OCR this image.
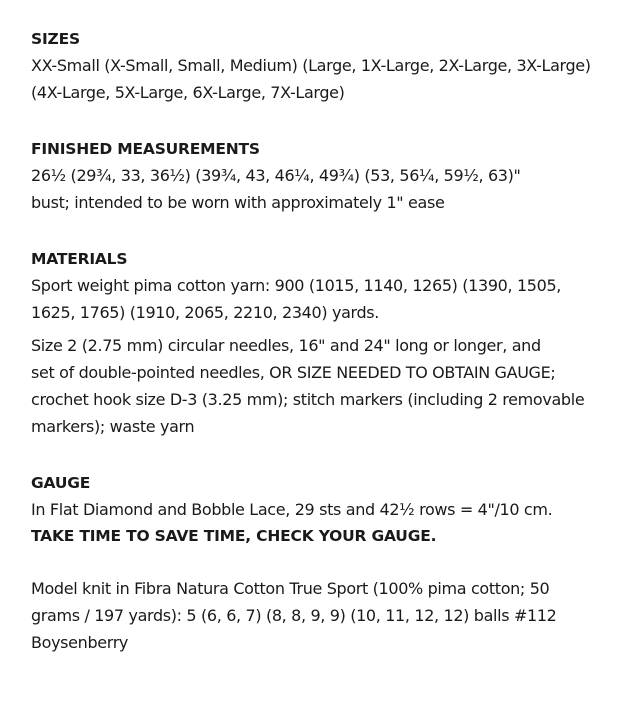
SIZES

XX-Small (X-Small, Small, Medium) (Large, 1X-Large, 2X-Large, 3X-Large)
(4X-Large, 5X-Large, 6X-Large, 7X-Large)

FINISHED MEASUREMENTS

26½ (29¾, 33, 36½) (39¾, 43, 46¼, 49¾) (53, 56¼, 59½, 63)"
bust; intended to be worn with approximately 1" ease

MATERIALS

Sport weight pima cotton yarn: 900 (1015, 1140, 1265) (1390, 1505,
1625, 1765) (1910, 2065, 2210, 2340) yards.

Size 2 (2.75 mm) circular needles, 16" and 24" long or longer, and
set of double-pointed needles, OR SIZE NEEDED TO OBTAIN GAUGE;
crochet hook size D-3 (3.25 mm); stitch markers (including 2 removable
markers); waste yarn

GAUGE

In Flat Diamond and Bobble Lace, 29 sts and 42½ rows = 4"/10 cm.

TAKE TIME TO SAVE TIME, CHECK YOUR GAUGE.

Model knit in Fibra Natura Cotton True Sport (100% pima cotton; 50
grams / 197 yards): 5 (6, 6, 7) (8, 8, 9, 9) (10, 11, 12, 12) balls #112
Boysenberry
